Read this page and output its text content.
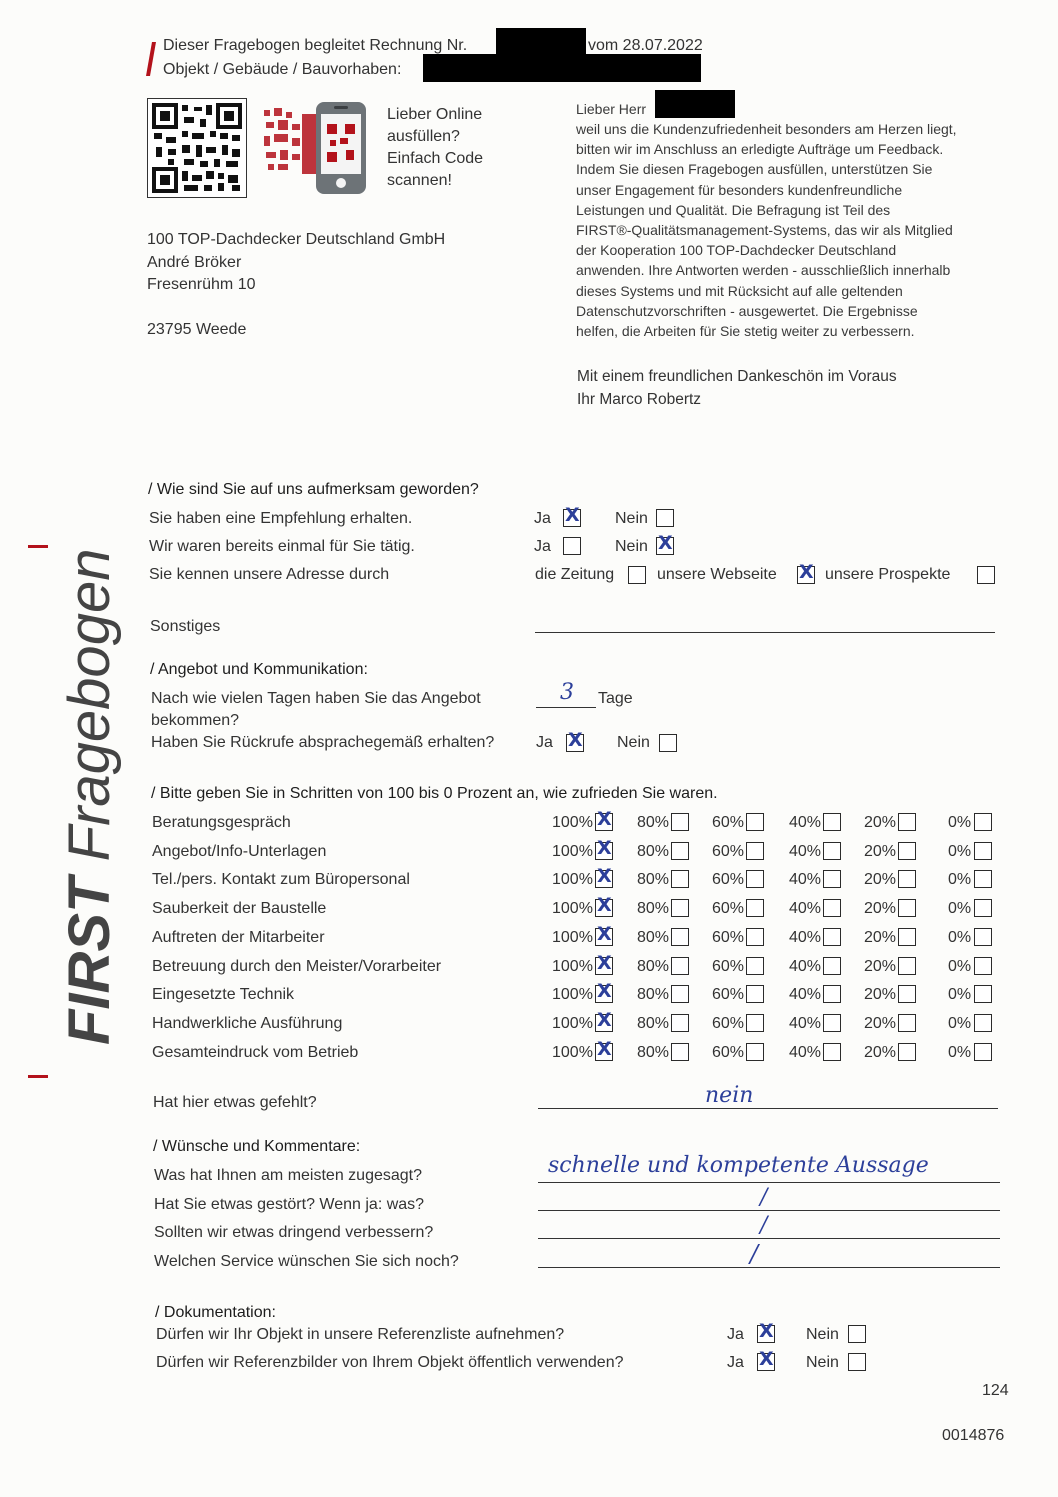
Dieser Fragebogen begleitet Rechnung Nr.	vom 28.07.2022
Objekt / Gebäude / Bauvorhaben:
Lieber Online
ausfüllen?
Einfach Code
scannen!
100 TOP-Dachdecker Deutschland GmbH
André Bröker
Fresenrühm 10
23795 Weede
Lieber Herr
weil uns die Kundenzufriedenheit besonders am Herzen liegt,
bitten wir im Anschluss an erledigte Aufträge um Feedback.
Indem Sie diesen Fragebogen ausfüllen, unterstützen Sie
unser Engagement für besonders kundenfreundliche
Leistungen und Qualität. Die Befragung ist Teil des
FIRST®-Qualitätsmanagement-Systems, das wir als Mitglied
der Kooperation 100 TOP-Dachdecker Deutschland
anwenden. Ihre Antworten werden - ausschließlich innerhalb
dieses Systems und mit Rücksicht auf alle geltenden
Datenschutzvorschriften - ausgewertet. Die Ergebnisse
helfen, die Arbeiten für Sie stetig weiter zu verbessern.
Mit einem freundlichen Dankeschön im Voraus
Ihr Marco Robertz
FIRST Fragebogen
/ Wie sind Sie auf uns aufmerksam geworden?
Sie haben eine Empfehlung erhalten.	Ja X Nein
Wir waren bereits einmal für Sie tätig.	Ja	Nein X
Sie kennen unsere Adresse durch	die Zeitung	unsere Webseite X unsere Prospekte
Sonstiges
/ Angebot und Kommunikation:
Nach wie vielen Tagen haben Sie das Angebot
bekommen?
3 Tage
Haben Sie Rückrufe absprachegemäß erhalten?	Ja X Nein
/ Bitte geben Sie in Schritten von 100 bis 0 Prozent an, wie zufrieden Sie waren.
Beratungsgespräch	100% X 80%	60%	40%	20%	0%
Angebot/Info-Unterlagen	100% X 80%	60%	40%	20%	0%
Tel./pers. Kontakt zum Büropersonal	100% X 80%	60%	40%	20%	0%
Sauberkeit der Baustelle	100% X 80%	60%	40%	20%	0%
Auftreten der Mitarbeiter	100% X 80%	60%	40%	20%	0%
Betreuung durch den Meister/Vorarbeiter	100% X 80%	60%	40%	20%	0%
Eingesetzte Technik	100% X 80%	60%	40%	20%	0%
Handwerkliche Ausführung	100% X 80%	60%	40%	20%	0%
Gesamteindruck vom Betrieb	100% X 80%	60%	40%	20%	0%
Hat hier etwas gefehlt?	nein
/ Wünsche und Kommentare:
Was hat Ihnen am meisten zugesagt?	schnelle und kompetente Aussage
Hat Sie etwas gestört? Wenn ja: was?	/
Sollten wir etwas dringend verbessern?	/
Welchen Service wünschen Sie sich noch?	/
/ Dokumentation:
Dürfen wir Ihr Objekt in unsere Referenzliste aufnehmen?	Ja X Nein
Dürfen wir Referenzbilder von Ihrem Objekt öffentlich verwenden?	Ja X Nein
124
0014876
